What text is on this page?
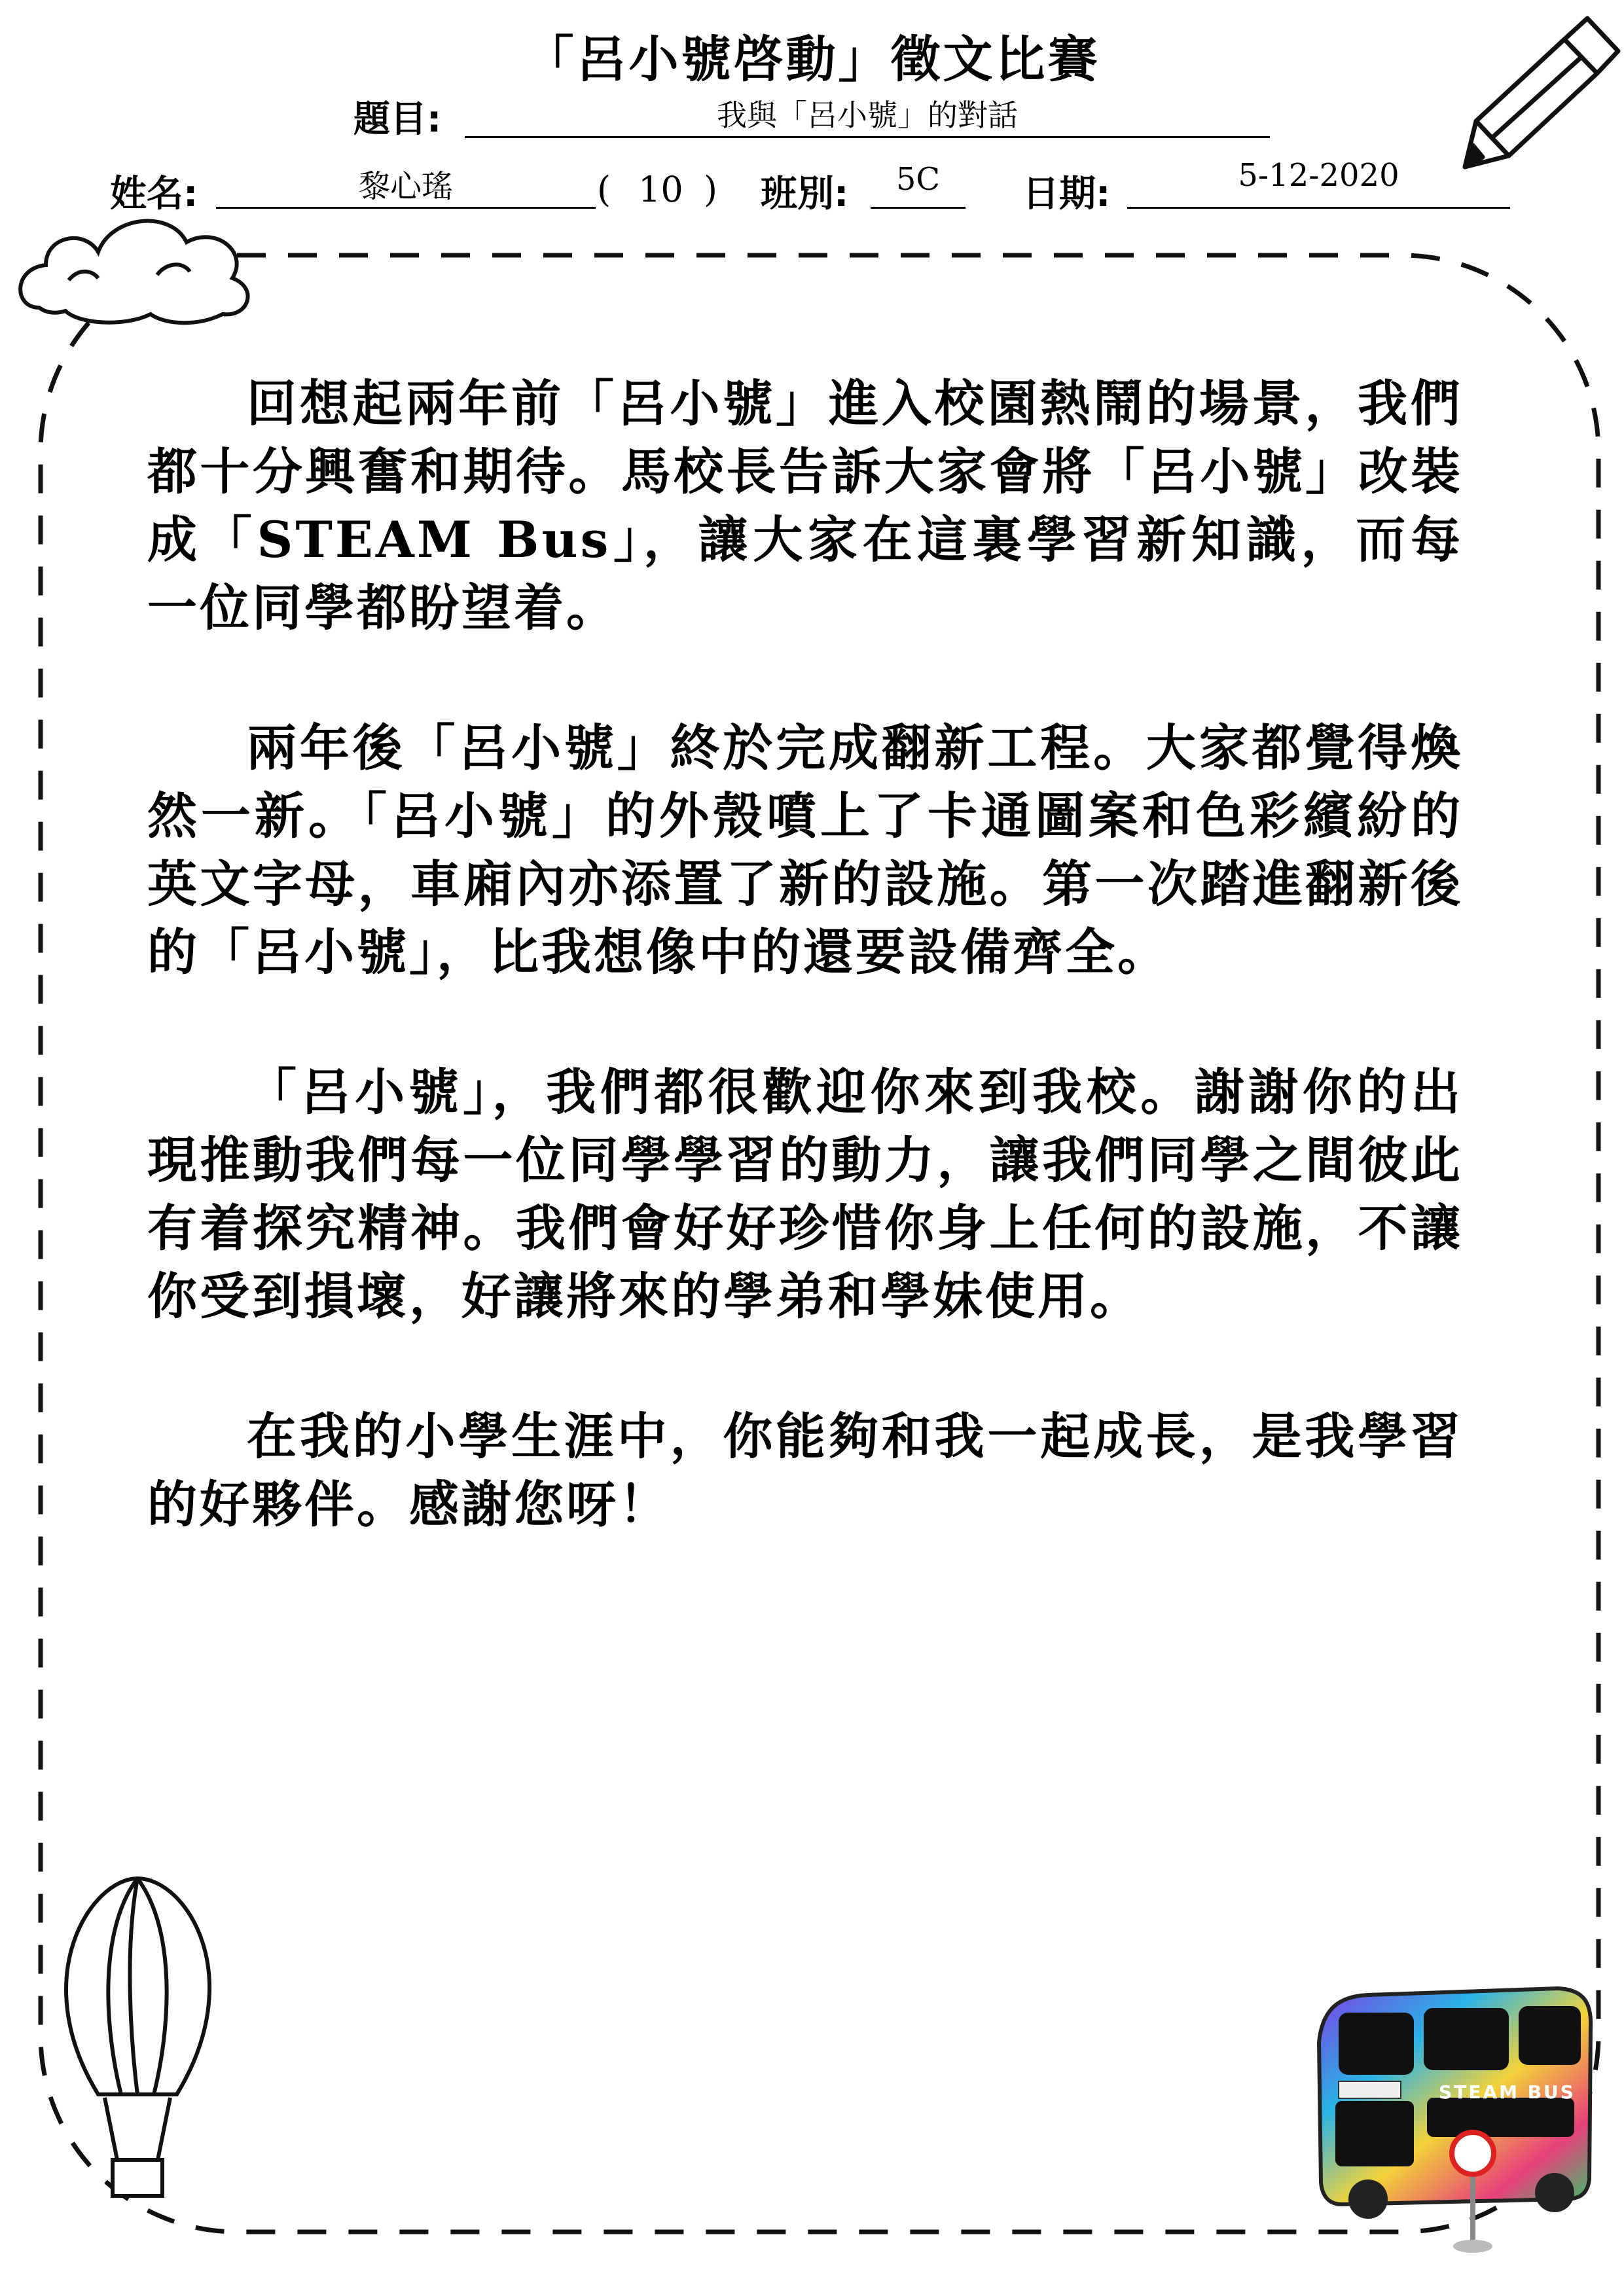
「呂小號啓動」徵文比賽
題目:	我與「呂小號」的對話
姓名:	黎心瑤	( 10 ) 班別:	5C	日期:	5-12-2020
STEAM BUS

回想起兩年前「呂小號」進入校園熱鬧的場景，我們都十分興奮和期待。馬校長告訴大家會將「呂小號」改裝成「STEAM Bus」，讓大家在這裏學習新知識，而每一位同學都盼望着。

兩年後「呂小號」終於完成翻新工程。大家都覺得煥然一新。「呂小號」的外殼噴上了卡通圖案和色彩繽紛的英文字母，車廂內亦添置了新的設施。第一次踏進翻新後的「呂小號」，比我想像中的還要設備齊全。

「呂小號」，我們都很歡迎你來到我校。謝謝你的出現推動我們每一位同學學習的動力，讓我們同學之間彼此有着探究精神。我們會好好珍惜你身上任何的設施，不讓你受到損壞，好讓將來的學弟和學妹使用。

在我的小學生涯中，你能夠和我一起成長，是我學習的好夥伴。感謝您呀！
